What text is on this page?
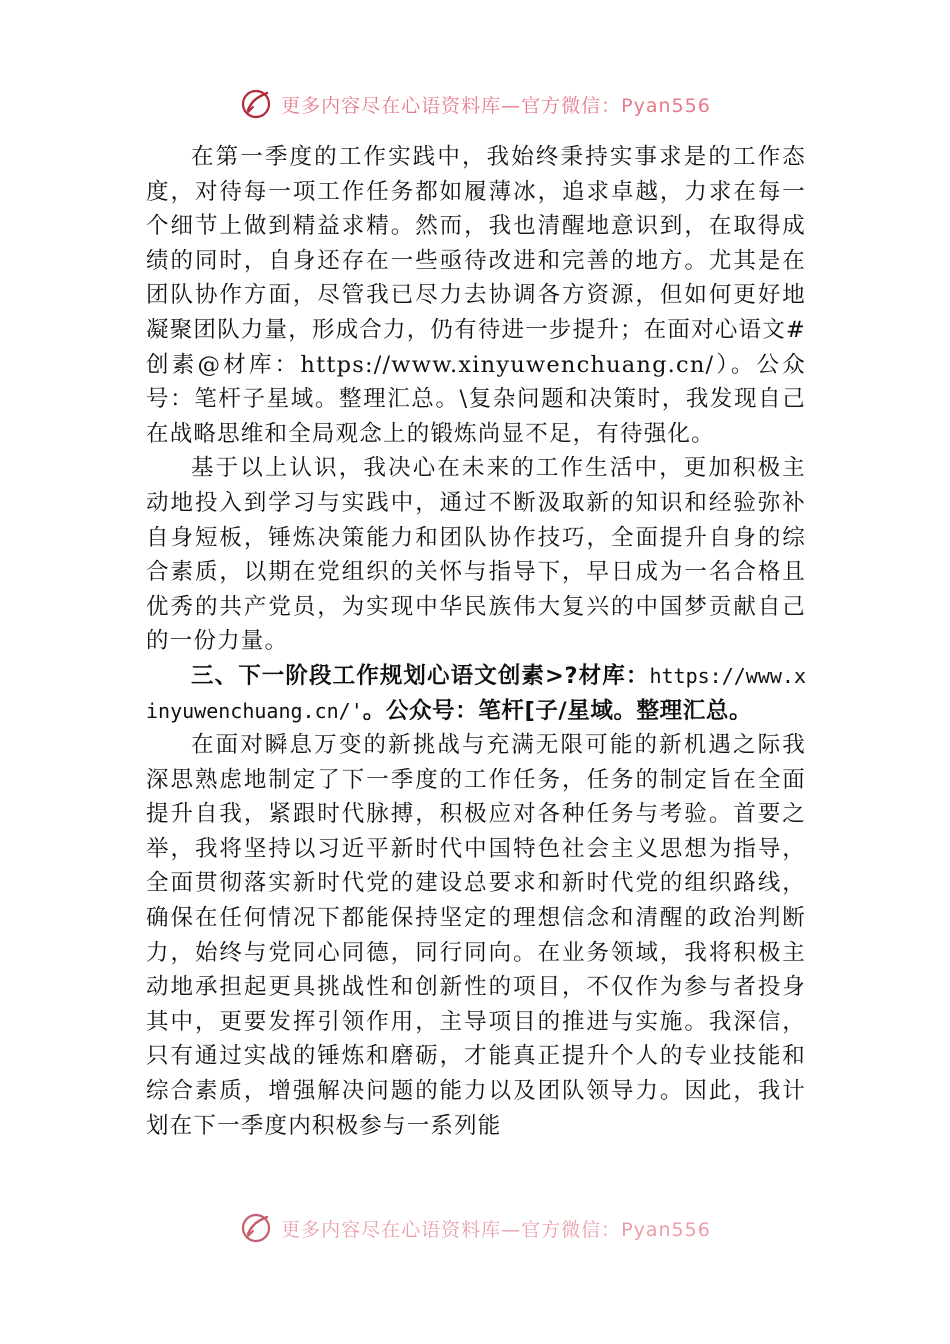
更多内容尽在心语资料库—官方微信：Pyan556

在第一季度的工作实践中，我始终秉持实事求是的工作态度，对待每一项工作任务都如履薄冰，追求卓越，力求在每一个细节上做到精益求精。然而，我也清醒地意识到，在取得成绩的同时，自身还存在一些亟待改进和完善的地方。尤其是在团队协作方面，尽管我已尽力去协调各方资源，但如何更好地凝聚团队力量，形成合力，仍有待进一步提升；在面对心语文#创素@材库：https://www.xinyuwenchuang.cn/）。公众号：笔杆子星域。整理汇总。\复杂问题和决策时，我发现自己在战略思维和全局观念上的锻炼尚显不足，有待强化。

基于以上认识，我决心在未来的工作生活中，更加积极主动地投入到学习与实践中，通过不断汲取新的知识和经验弥补自身短板，锤炼决策能力和团队协作技巧，全面提升自身的综合素质，以期在党组织的关怀与指导下，早日成为一名合格且优秀的共产党员，为实现中华民族伟大复兴的中国梦贡献自己的一份力量。

三、下一阶段工作规划心语文创素>?材库：https://www.xinyuwenchuang.cn/'。公众号：笔杆[子/星域。整理汇总。

在面对瞬息万变的新挑战与充满无限可能的新机遇之际我深思熟虑地制定了下一季度的工作任务，任务的制定旨在全面提升自我，紧跟时代脉搏，积极应对各种任务与考验。首要之举，我将坚持以习近平新时代中国特色社会主义思想为指导，全面贯彻落实新时代党的建设总要求和新时代党的组织路线，确保在任何情况下都能保持坚定的理想信念和清醒的政治判断力，始终与党同心同德，同行同向。在业务领域，我将积极主动地承担起更具挑战性和创新性的项目，不仅作为参与者投身其中，更要发挥引领作用，主导项目的推进与实施。我深信，只有通过实战的锤炼和磨砺，才能真正提升个人的专业技能和综合素质，增强解决问题的能力以及团队领导力。因此，我计划在下一季度内积极参与一系列能

更多内容尽在心语资料库—官方微信：Pyan556
